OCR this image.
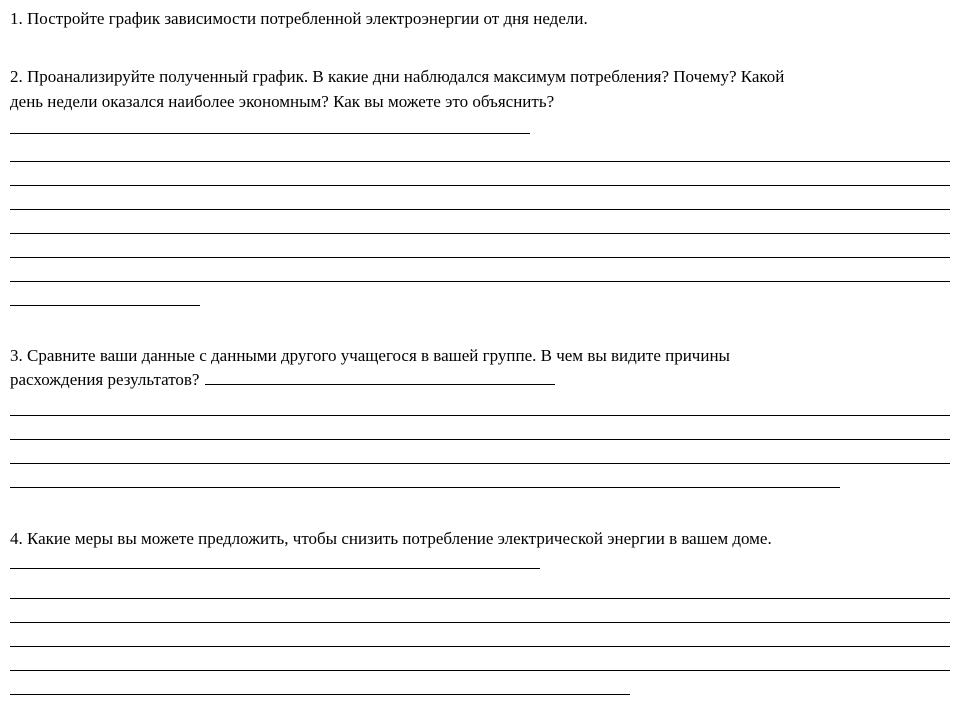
1. Постройте график зависимости потребленной электроэнергии от дня недели.
2. Проанализируйте полученный график. В какие дни наблюдался максимум потребления? Почему? Какой
день недели оказался наиболее экономным? Как вы можете это объяснить?
3. Сравните ваши данные с данными другого учащегося в вашей группе. В чем вы видите причины
расхождения результатов?
4. Какие меры вы можете предложить, чтобы снизить потребление электрической энергии в вашем доме.
